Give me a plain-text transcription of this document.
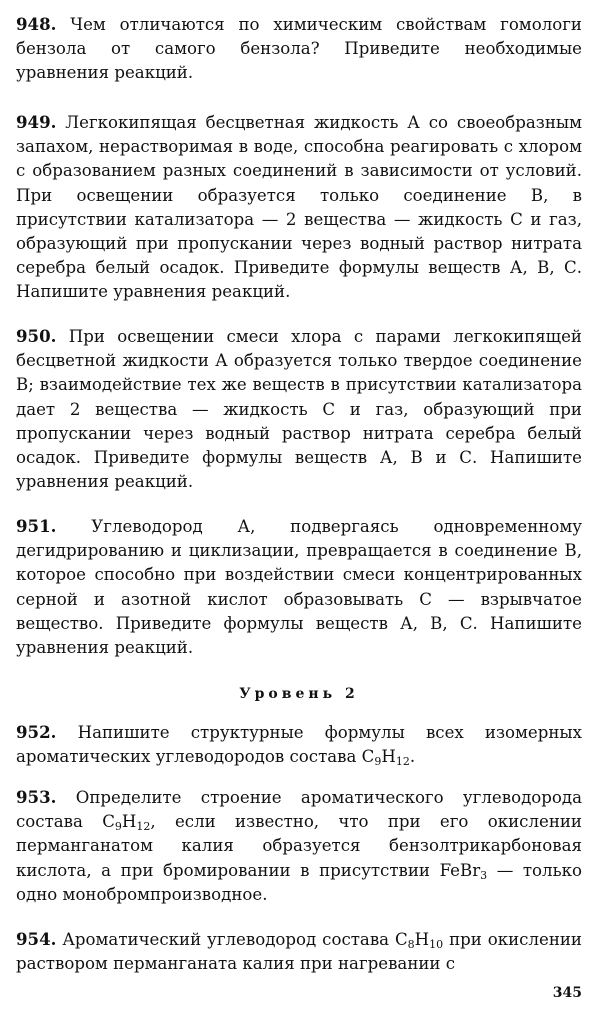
948. Чем отличаются по химическим свойствам гомологи бензола от самого бензола? Приведите необходимые уравнения реакций.

949. Легкокипящая бесцветная жидкость А со своеобразным запахом, нерастворимая в воде, способна реагировать с хлором с образованием разных соединений в зависимости от условий. При освещении образуется только соединение В, в присутствии катализатора — 2 вещества — жидкость С и газ, образующий при пропускании через водный раствор нитрата серебра белый осадок. Приведите формулы веществ А, В, С. Напишите уравнения реакций.

950. При освещении смеси хлора с парами легкокипящей бесцветной жидкости А образуется только твердое соединение В; взаимодействие тех же веществ в присутствии катализатора дает 2 вещества — жидкость С и газ, образующий при пропускании через водный раствор нитрата серебра белый осадок. Приведите формулы веществ А, В и С. Напишите уравнения реакций.

951. Углеводород А, подвергаясь одновременному дегидрированию и циклизации, превращается в соединение В, которое способно при воздействии смеси концентрированных серной и азотной кислот образовывать С — взрывчатое вещество. Приведите формулы веществ А, В, С. Напишите уравнения реакций.

Уровень 2

952. Напишите структурные формулы всех изомерных ароматических углеводородов состава $C_9H_{12}$.

953. Определите строение ароматического углеводорода состава $C_9H_{12}$, если известно, что при его окислении перманганатом калия образуется бензолтрикарбоновая кислота, а при бромировании в присутствии FeBr$_3$ — только одно монобромпроизводное.

954. Ароматический углеводород состава $C_8H_{10}$ при окислении раствором перманганата калия при нагревании с

345
